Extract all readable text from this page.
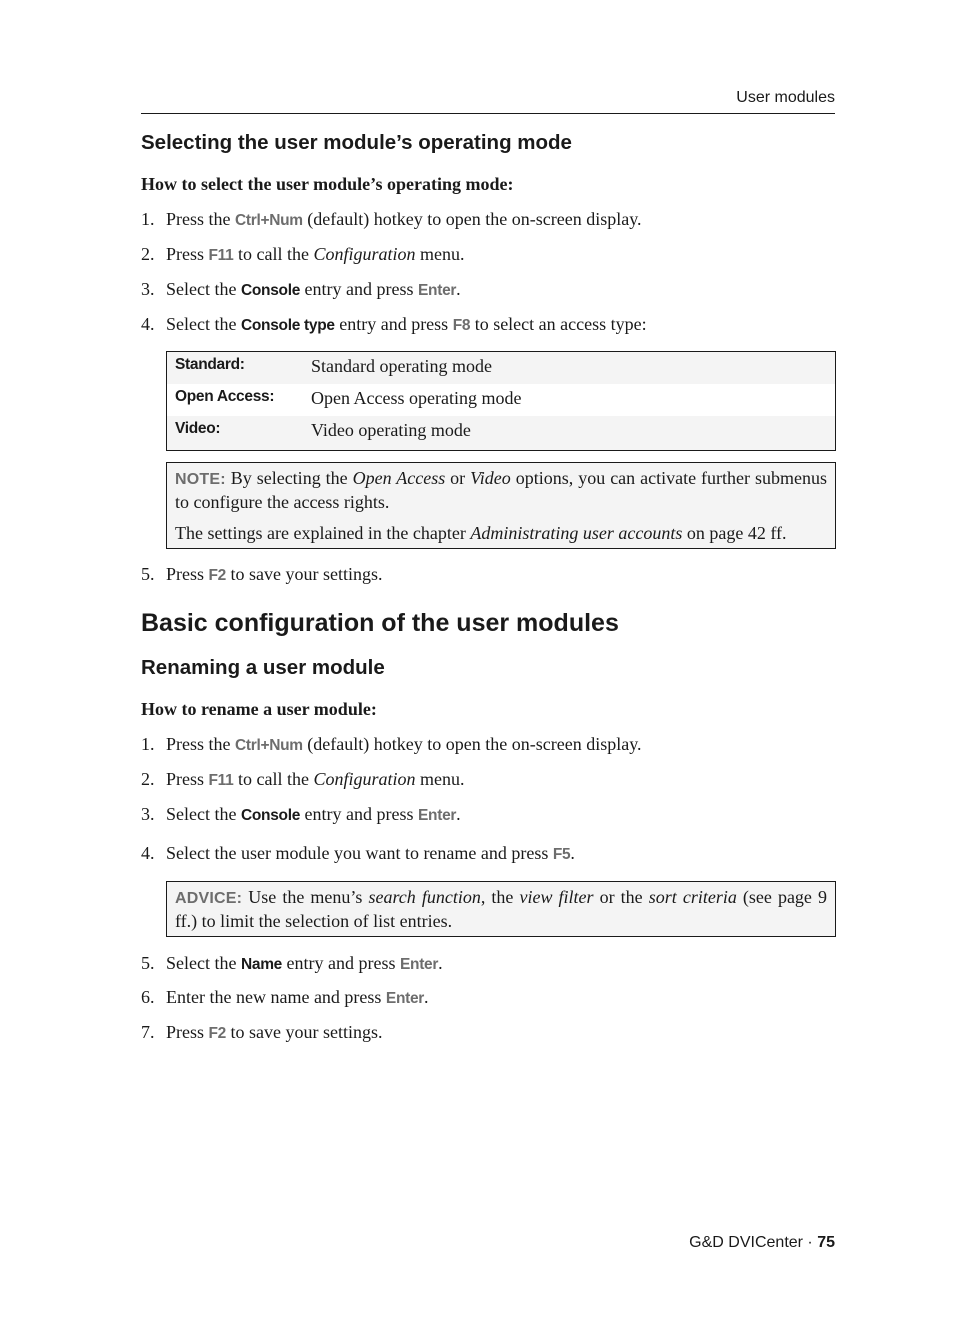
User modules
Selecting the user module’s operating mode
How to select the user module’s operating mode:
1. Press the Ctrl+Num (default) hotkey to open the on-screen display.
2. Press F11 to call the Configuration menu.
3. Select the Console entry and press Enter.
4. Select the Console type entry and press F8 to select an access type:
Standard:	Standard operating mode
Open Access: Open Access operating mode
Video:	Video operating mode

NOTE: By selecting the Open Access or Video options, you can activate further submenus to configure the access rights.

The settings are explained in the chapter Administrating user accounts on page 42 ff.

5. Press F2 to save your settings.
Basic configuration of the user modules
Renaming a user module
How to rename a user module:
1. Press the Ctrl+Num (default) hotkey to open the on-screen display.
2. Press F11 to call the Configuration menu.
3. Select the Console entry and press Enter.
4. Select the user module you want to rename and press F5.

ADVICE: Use the menu’s search function, the view filter or the sort criteria (see page 9 ff.) to limit the selection of list entries.

5. Select the Name entry and press Enter.
6. Enter the new name and press Enter.
7. Press F2 to save your settings.
G&D DVICenter · 75
